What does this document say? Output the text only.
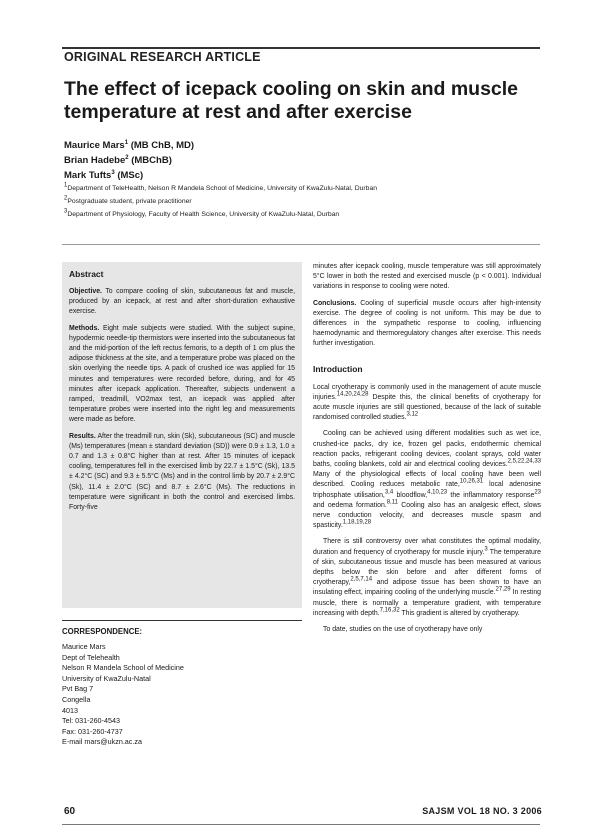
ORIGINAL RESEARCH ARTICLE
The effect of icepack cooling on skin and muscle temperature at rest and after exercise
Maurice Mars$^1$ (MB ChB, MD)
Brian Hadebe$^2$ (MBChB)
Mark Tufts$^3$ (MSc)
$^1$Department of TeleHealth, Nelson R Mandela School of Medicine, University of KwaZulu-Natal, Durban
$^2$Postgraduate student, private practitioner
$^3$Department of Physiology, Faculty of Health Science, University of KwaZulu-Natal, Durban
Abstract

Objective. To compare cooling of skin, subcutaneous fat and muscle, produced by an icepack, at rest and after short-duration exhaustive exercise.

Methods. Eight male subjects were studied. With the subject supine, hypodermic needle-tip thermistors were inserted into the subcutaneous fat and the mid-portion of the left rectus femoris, to a depth of 1 cm plus the adipose thickness at the site, and a temperature probe was placed on the skin overlying the needle tips. A pack of crushed ice was applied for 15 minutes and temperatures were recorded before, during, and for 45 minutes after icepack application. Thereafter, subjects underwent a ramped, treadmill, VO2max test, an icepack was applied after temperature probes were inserted into the right leg and measurements were made as before.

Results. After the treadmill run, skin (Sk), subcutaneous (SC) and muscle (Ms) temperatures (mean ± standard deviation (SD)) were 0.9 ± 1.3, 1.0 ± 0.7 and 1.3 ± 0.8°C higher than at rest. After 15 minutes of icepack cooling, temperatures fell in the exercised limb by 22.7 ± 1.5°C (Sk), 13.5 ± 4.2°C (SC) and 9.3 ± 5.5°C (Ms) and in the control limb by 20.7 ± 2.9°C (Sk), 11.4 ± 2.0°C (SC) and 8.7 ± 2.6°C (Ms). The reductions in temperature were significant in both the control and exercised limbs. Forty-five

minutes after icepack cooling, muscle temperature was still approximately 5°C lower in both the rested and exercised muscle (p < 0.001). Individual variations in response to cooling were noted.

Conclusions. Cooling of superficial muscle occurs after high-intensity exercise. The degree of cooling is not uniform. This may be due to differences in the sympathetic response to cooling, influencing haemodynamic and thermoregulatory changes after exercise. This needs further investigation.

Introduction

Local cryotherapy is commonly used in the management of acute muscle injuries.$^{14,20,24,28}$ Despite this, the clinical benefits of cryotherapy for acute muscle injuries are still questioned, because of the lack of suitable randomised controlled studies.$^{3,12}$

Cooling can be achieved using different modalities such as wet ice, crushed-ice packs, dry ice, frozen gel packs, endothermic chemical reaction packs, refrigerant cooling devices, coolant sprays, cold water baths, cooling blankets, cold air and electrical cooling devices.$^{2,5,22,24,33}$ Many of the physiological effects of local cooling have been well described. Cooling reduces metabolic rate,$^{10,26,31}$ local adenosine triphosphate utilisation,$^{3,4}$ bloodflow,$^{4,10,23}$ the inflammatory response$^{23}$ and oedema formation.$^{8,11}$ Cooling also has an analgesic effect, slows nerve conduction velocity, and decreases muscle spasm and spasticity.$^{1,18,19,28}$

There is still controversy over what constitutes the optimal modality, duration and frequency of cryotherapy for muscle injury.$^3$ The temperature of skin, subcutaneous tissue and muscle has been measured at various depths below the skin before and after different forms of cryotherapy,$^{2,5,7,14}$ and adipose tissue has been shown to have an insulating effect, impairing cooling of the underlying muscle.$^{27,29}$ In resting muscle, there is normally a temperature gradient, with temperature increasing with depth.$^{7,16,32}$ This gradient is altered by cryotherapy.

To date, studies on the use of cryotherapy have only

CORRESPONDENCE:
Maurice Mars
Dept of Telehealth
Nelson R Mandela School of Medicine
University of KwaZulu-Natal
Pvt Bag 7
Congella
4013
Tel: 031-260-4543
Fax: 031-260-4737
E-mail mars@ukzn.ac.za
60	SAJSM VOL 18 NO. 3 2006
